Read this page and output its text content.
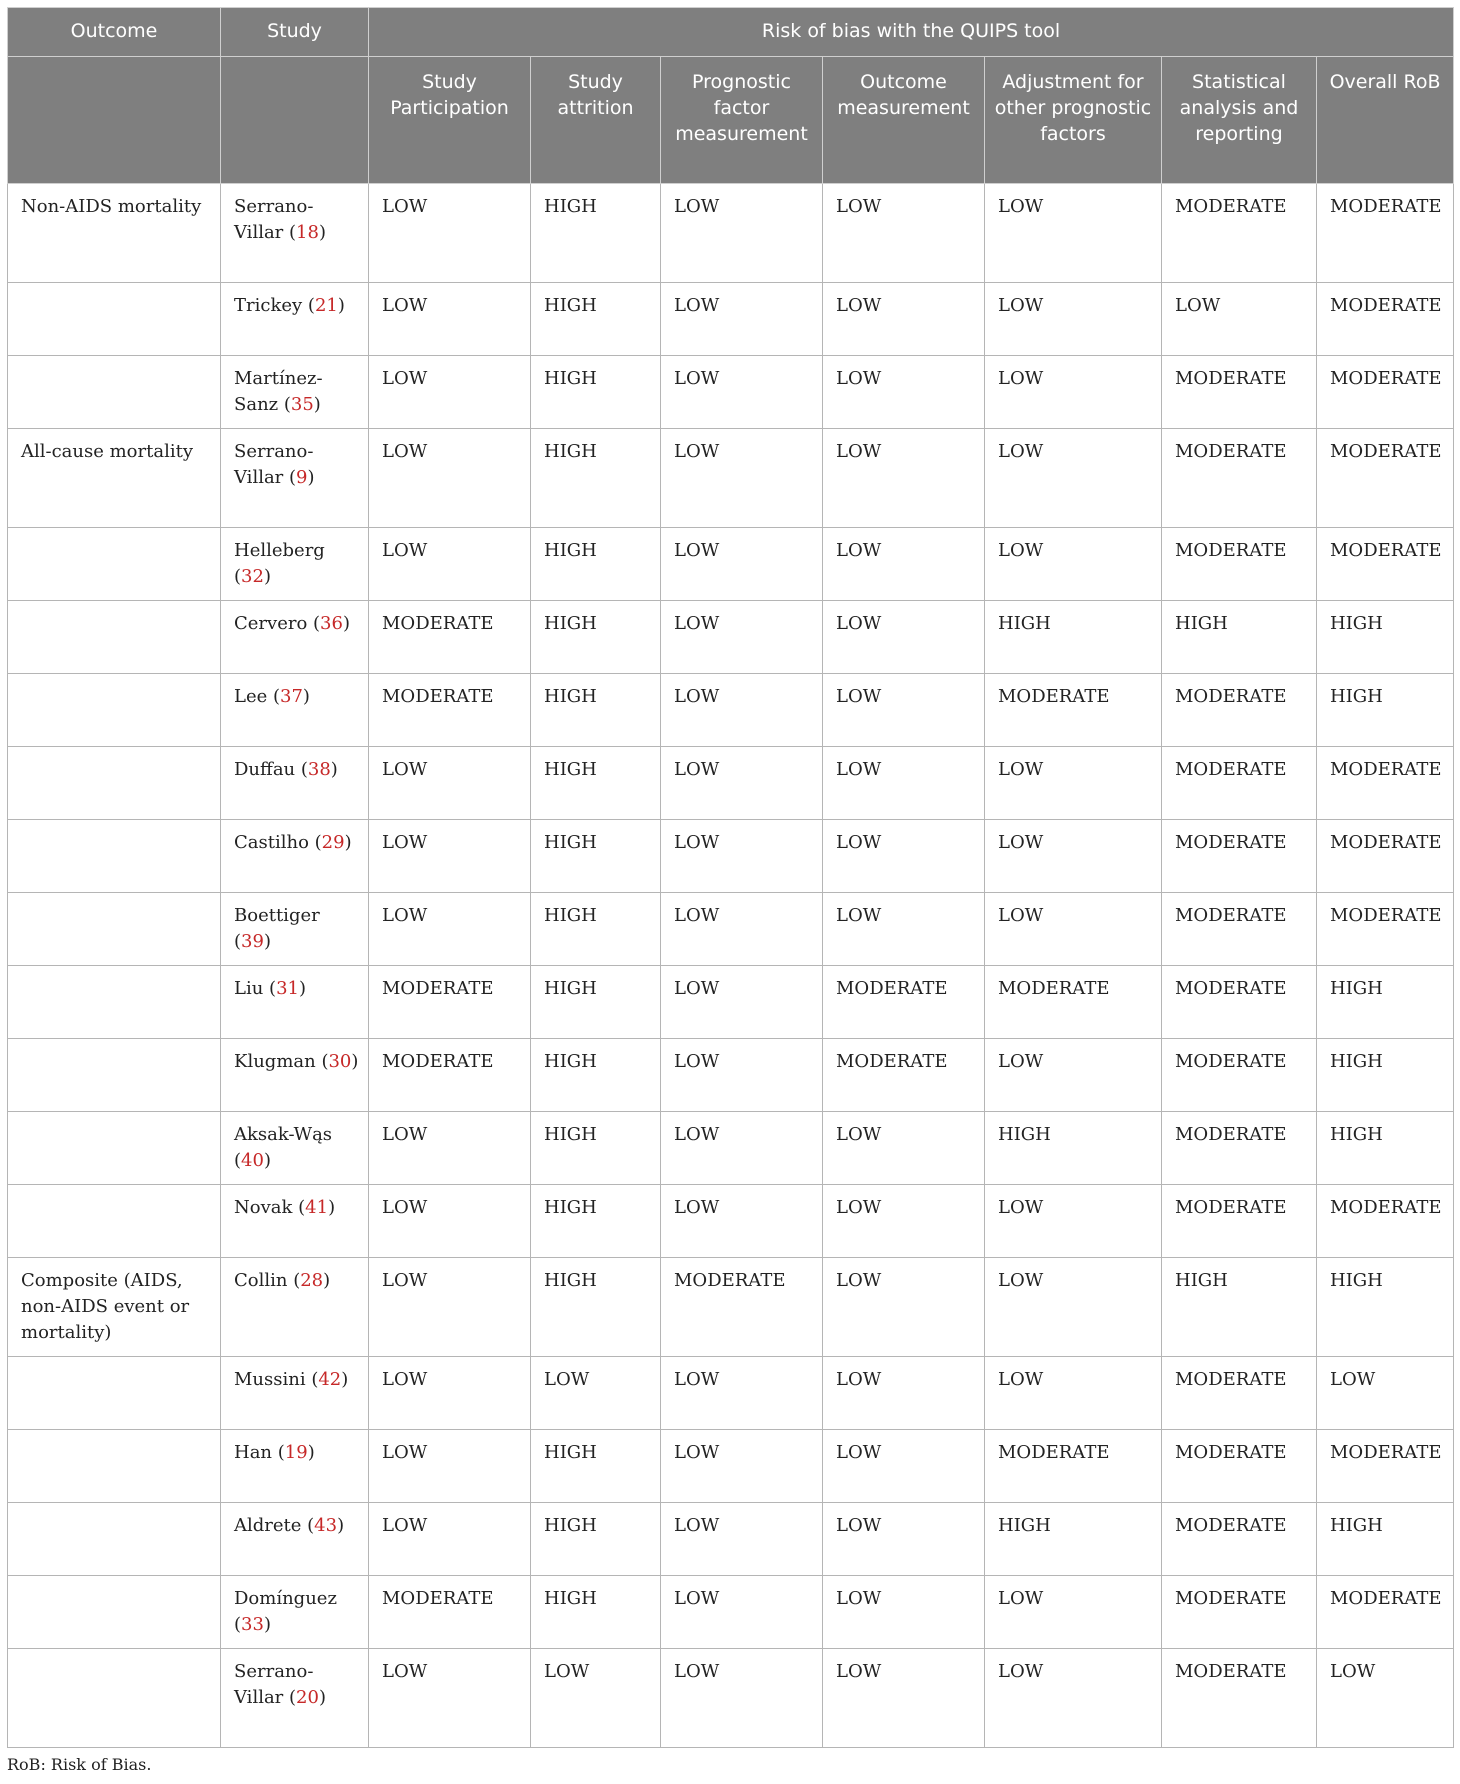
Outcome	Study	Risk of bias with the QUIPS tool						
		Study Participation	Study attrition	Prognostic factor measurement	Outcome measurement	Adjustment for other prognostic factors	Statistical analysis and reporting	Overall RoB
Non-AIDS mortality	Serrano-Villar (18)	LOW	HIGH	LOW	LOW	LOW	MODERATE	MODERATE
	Trickey (21)	LOW	HIGH	LOW	LOW	LOW	LOW	MODERATE
	Martínez-Sanz (35)	LOW	HIGH	LOW	LOW	LOW	MODERATE	MODERATE
All-cause mortality	Serrano-Villar (9)	LOW	HIGH	LOW	LOW	LOW	MODERATE	MODERATE
	Helleberg (32)	LOW	HIGH	LOW	LOW	LOW	MODERATE	MODERATE
	Cervero (36)	MODERATE	HIGH	LOW	LOW	HIGH	HIGH	HIGH
	Lee (37)	MODERATE	HIGH	LOW	LOW	MODERATE	MODERATE	HIGH
	Duffau (38)	LOW	HIGH	LOW	LOW	LOW	MODERATE	MODERATE
	Castilho (29)	LOW	HIGH	LOW	LOW	LOW	MODERATE	MODERATE
	Boettiger (39)	LOW	HIGH	LOW	LOW	LOW	MODERATE	MODERATE
	Liu (31)	MODERATE	HIGH	LOW	MODERATE	MODERATE	MODERATE	HIGH
	Klugman (30)	MODERATE	HIGH	LOW	MODERATE	LOW	MODERATE	HIGH
	Aksak-Wąs (40)	LOW	HIGH	LOW	LOW	HIGH	MODERATE	HIGH
	Novak (41)	LOW	HIGH	LOW	LOW	LOW	MODERATE	MODERATE
Composite (AIDS, non-AIDS event or mortality)	Collin (28)	LOW	HIGH	MODERATE	LOW	LOW	HIGH	HIGH
	Mussini (42)	LOW	LOW	LOW	LOW	LOW	MODERATE	LOW
	Han (19)	LOW	HIGH	LOW	LOW	MODERATE	MODERATE	MODERATE
	Aldrete (43)	LOW	HIGH	LOW	LOW	HIGH	MODERATE	HIGH
	Domínguez (33)	MODERATE	HIGH	LOW	LOW	LOW	MODERATE	MODERATE
	Serrano-Villar (20)	LOW	LOW	LOW	LOW	LOW	MODERATE	LOW
RoB: Risk of Bias.
